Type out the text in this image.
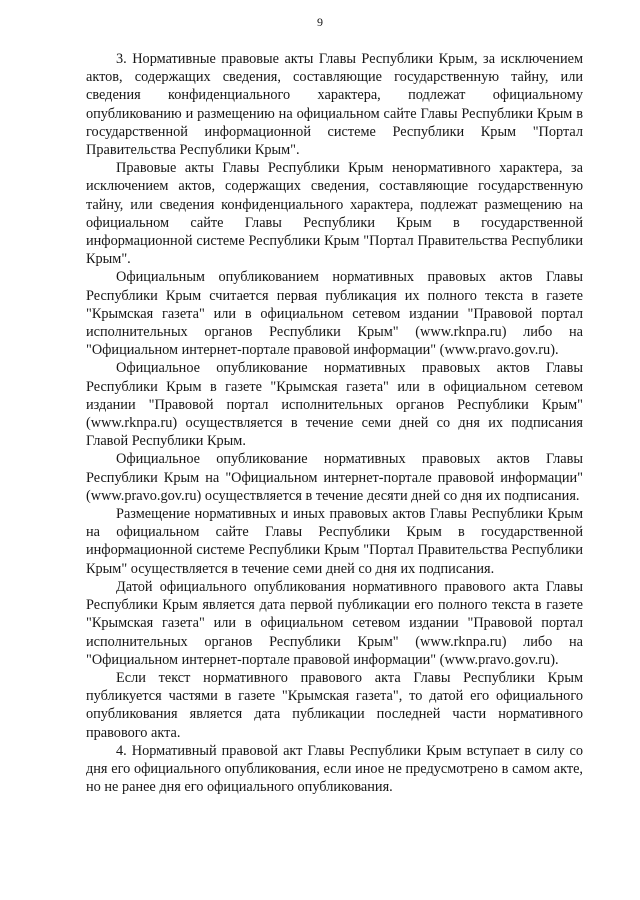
9

3. Нормативные правовые акты Главы Республики Крым, за исключением актов, содержащих сведения, составляющие государственную тайну, или сведения конфиденциального характера, подлежат официальному опубликованию и размещению на официальном сайте Главы Республики Крым в государственной информационной системе Республики Крым "Портал Правительства Республики Крым".

Правовые акты Главы Республики Крым ненормативного характера, за исключением актов, содержащих сведения, составляющие государственную тайну, или сведения конфиденциального характера, подлежат размещению на официальном сайте Главы Республики Крым в государственной информационной системе Республики Крым "Портал Правительства Республики Крым".

Официальным опубликованием нормативных правовых актов Главы Республики Крым считается первая публикация их полного текста в газете "Крымская газета" или в официальном сетевом издании "Правовой портал исполнительных органов Республики Крым" (www.rknpa.ru) либо на "Официальном интернет-портале правовой информации" (www.pravo.gov.ru).

Официальное опубликование нормативных правовых актов Главы Республики Крым в газете "Крымская газета" или в официальном сетевом издании "Правовой портал исполнительных органов Республики Крым" (www.rknpa.ru) осуществляется в течение семи дней со дня их подписания Главой Республики Крым.

Официальное опубликование нормативных правовых актов Главы Республики Крым на "Официальном интернет-портале правовой информации" (www.pravo.gov.ru) осуществляется в течение десяти дней со дня их подписания.

Размещение нормативных и иных правовых актов Главы Республики Крым на официальном сайте Главы Республики Крым в государственной информационной системе Республики Крым "Портал Правительства Республики Крым" осуществляется в течение семи дней со дня их подписания.

Датой официального опубликования нормативного правового акта Главы Республики Крым является дата первой публикации его полного текста в газете "Крымская газета" или в официальном сетевом издании "Правовой портал исполнительных органов Республики Крым" (www.rknpa.ru) либо на "Официальном интернет-портале правовой информации" (www.pravo.gov.ru).

Если текст нормативного правового акта Главы Республики Крым публикуется частями в газете "Крымская газета", то датой его официального опубликования является дата публикации последней части нормативного правового акта.

4. Нормативный правовой акт Главы Республики Крым вступает в силу со дня его официального опубликования, если иное не предусмотрено в самом акте, но не ранее дня его официального опубликования.
